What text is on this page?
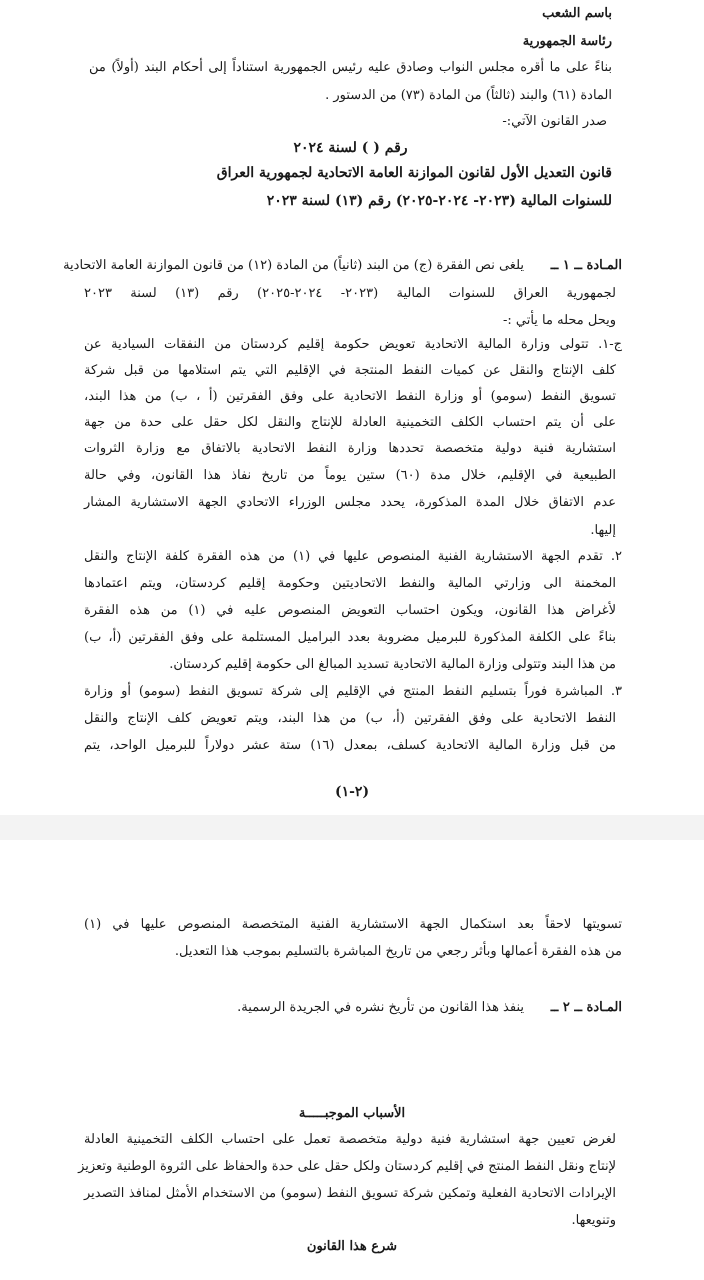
باسم الشعب
رئاسة الجمهورية
بناءً على ما أقره مجلس النواب وصادق عليه رئيس الجمهورية استناداً إلى أحكام البند (أولاً) من
المادة (٦١) والبند (ثالثاً) من المادة (٧٣) من الدستور .
صدر القانون الآتي:-
رقم ( ) لسنة ٢٠٢٤
قانون التعديل الأول لقانون الموازنة العامة الاتحادية لجمهورية العراق
للسنوات المالية (٢٠٢٣- ٢٠٢٤-٢٠٢٥) رقم (١٣) لسنة ٢٠٢٣
المـادة ــ ١ ــ
يلغى نص الفقرة (ج) من البند (ثانياً) من المادة (١٢) من قانون الموازنة العامة الاتحادية
لجمهورية العراق للسنوات المالية (٢٠٢٣- ٢٠٢٤-٢٠٢٥) رقم (١٣) لسنة ٢٠٢٣
ويحل محله ما يأتي :-
ج-١. تتولى وزارة المالية الاتحادية تعويض حكومة إقليم كردستان من النفقات السيادية عن
كلف الإنتاج والنقل عن كميات النفط المنتجة في الإقليم التي يتم استلامها من قبل شركة
تسويق النفط (سومو) أو وزارة النفط الاتحادية على وفق الفقرتين (أ ، ب) من هذا البند،
على أن يتم احتساب الكلف التخمينية العادلة للإنتاج والنقل لكل حقل على حدة من جهة
استشارية فنية دولية متخصصة تحددها وزارة النفط الاتحادية بالاتفاق مع وزارة الثروات
الطبيعية في الإقليم، خلال مدة (٦٠) ستين يوماً من تاريخ نفاذ هذا القانون، وفي حالة
عدم الاتفاق خلال المدة المذكورة، يحدد مجلس الوزراء الاتحادي الجهة الاستشارية المشار
إليها.
٢. تقدم الجهة الاستشارية الفنية المنصوص عليها في (١) من هذه الفقرة كلفة الإنتاج والنقل
المخمنة الى وزارتي المالية والنفط الاتحاديتين وحكومة إقليم كردستان، ويتم اعتمادها
لأغراض هذا القانون، ويكون احتساب التعويض المنصوص عليه في (١) من هذه الفقرة
بناءً على الكلفة المذكورة للبرميل مضروبة بعدد البراميل المستلمة على وفق الفقرتين (أ، ب)
من هذا البند وتتولى وزارة المالية الاتحادية تسديد المبالغ الى حكومة إقليم كردستان.
٣. المباشرة فوراً بتسليم النفط المنتج في الإقليم إلى شركة تسويق النفط (سومو) أو وزارة
النفط الاتحادية على وفق الفقرتين (أ، ب) من هذا البند، ويتم تعويض كلف الإنتاج والنقل
من قبل وزارة المالية الاتحادية كسلف، بمعدل (١٦) ستة عشر دولاراً للبرميل الواحد، يتم
(٢-١)
تسويتها لاحقاً بعد استكمال الجهة الاستشارية الفنية المتخصصة المنصوص عليها في (١)
من هذه الفقرة أعمالها وبأثر رجعي من تاريخ المباشرة بالتسليم بموجب هذا التعديل.
المـادة ــ ٢ ــ
ينفذ هذا القانون من تأريخ نشره في الجريدة الرسمية.
الأسباب الموجبـــــة
لغرض تعيين جهة استشارية فنية دولية متخصصة تعمل على احتساب الكلف التخمينية العادلة
لإنتاج ونقل النفط المنتج في إقليم كردستان ولكل حقل على حدة والحفاظ على الثروة الوطنية وتعزيز
الإيرادات الاتحادية الفعلية وتمكين شركة تسويق النفط (سومو) من الاستخدام الأمثل لمنافذ التصدير
وتنويعها.
شرع هذا القانون
